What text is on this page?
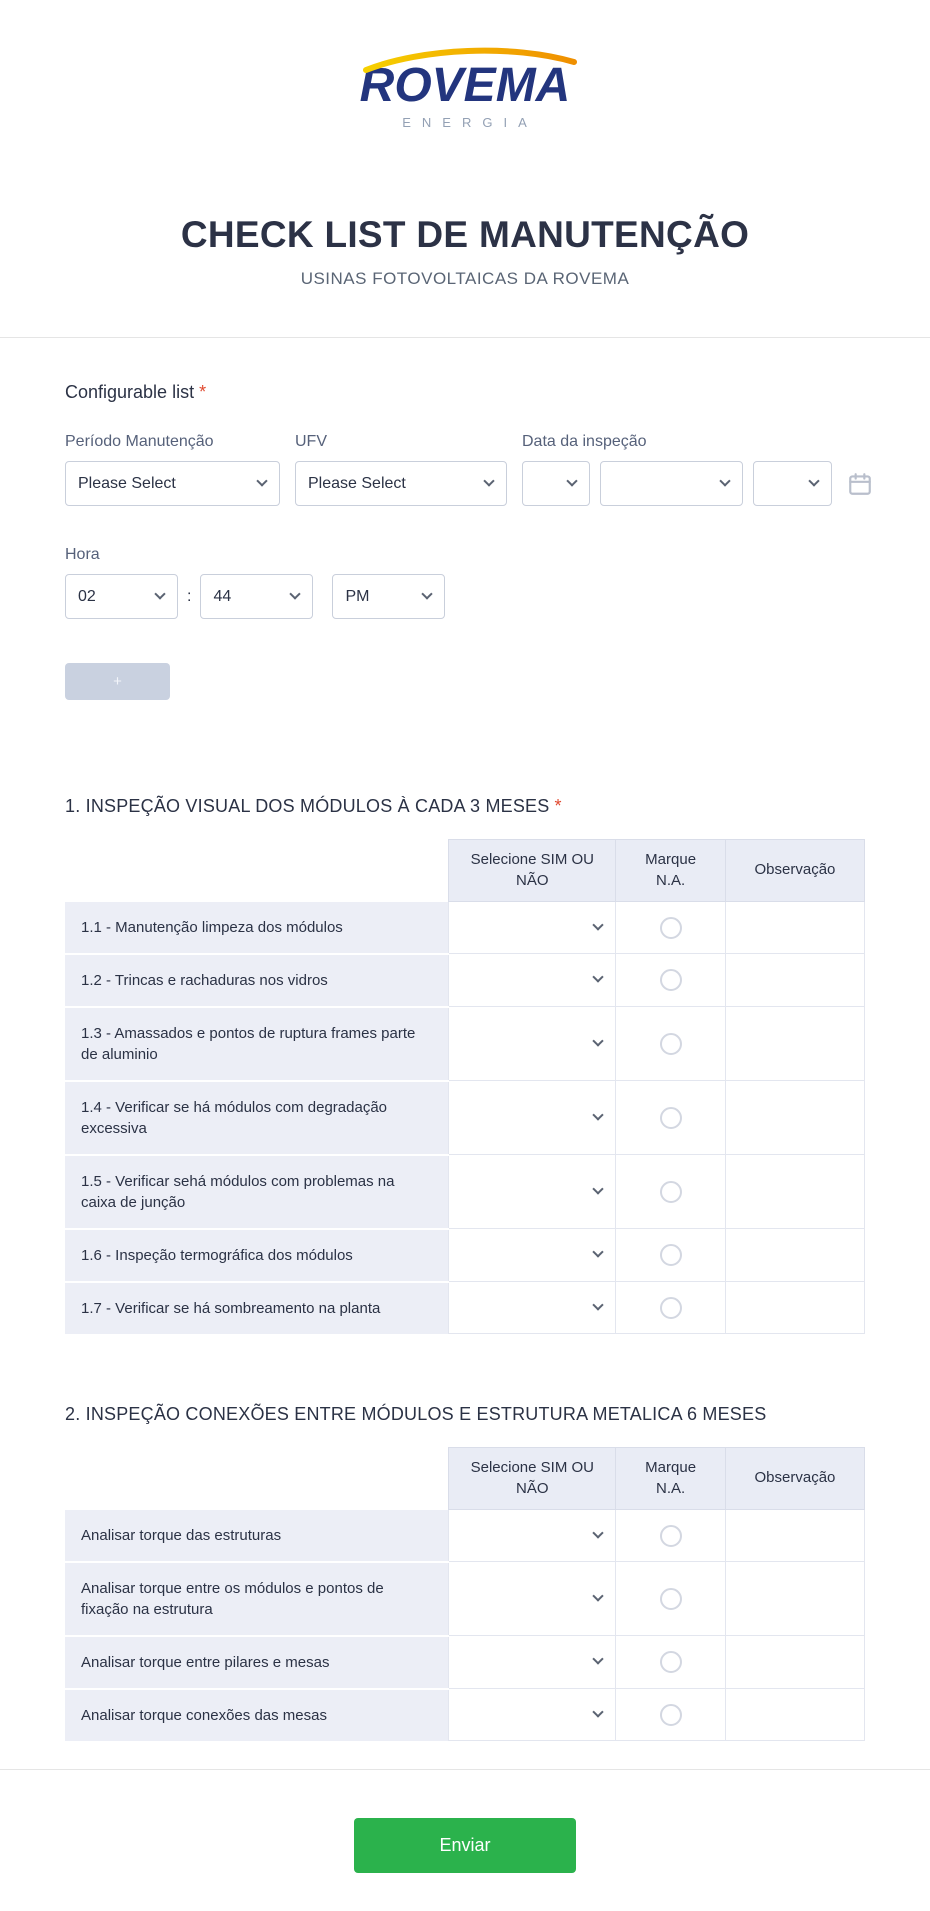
ROVEMA
ENERGIA
CHECK LIST DE MANUTENÇÃO
USINAS FOTOVOLTAICAS DA ROVEMA
Configurable list *
Período Manutenção
Please Select
UFV
Please Select
Data da inspeção
Hora
02	: 44	PM
+
1. INSPEÇÃO VISUAL DOS MÓDULOS À CADA 3 MESES *
	Selecione SIM OU NÃO	Marque N.A.	Observação
1.1 - Manutenção limpeza dos módulos	

1.2 - Trincas e rachaduras nos vidros	

1.3 - Amassados e pontos de ruptura frames parte de aluminio	

1.4 - Verificar se há módulos com degradação excessiva	

1.5 - Verificar sehá módulos com problemas na caixa de junção	

1.6 - Inspeção termográfica dos módulos	

1.7 - Verificar se há sombreamento na planta	

2. INSPEÇÃO CONEXÕES ENTRE MÓDULOS E ESTRUTURA METALICA 6 MESES
	Selecione SIM OU NÃO	Marque N.A.	Observação
Analisar torque das estruturas	

Analisar torque entre os módulos e pontos de fixação na estrutura	

Analisar torque entre pilares e mesas	

Analisar torque conexões das mesas	

Enviar
